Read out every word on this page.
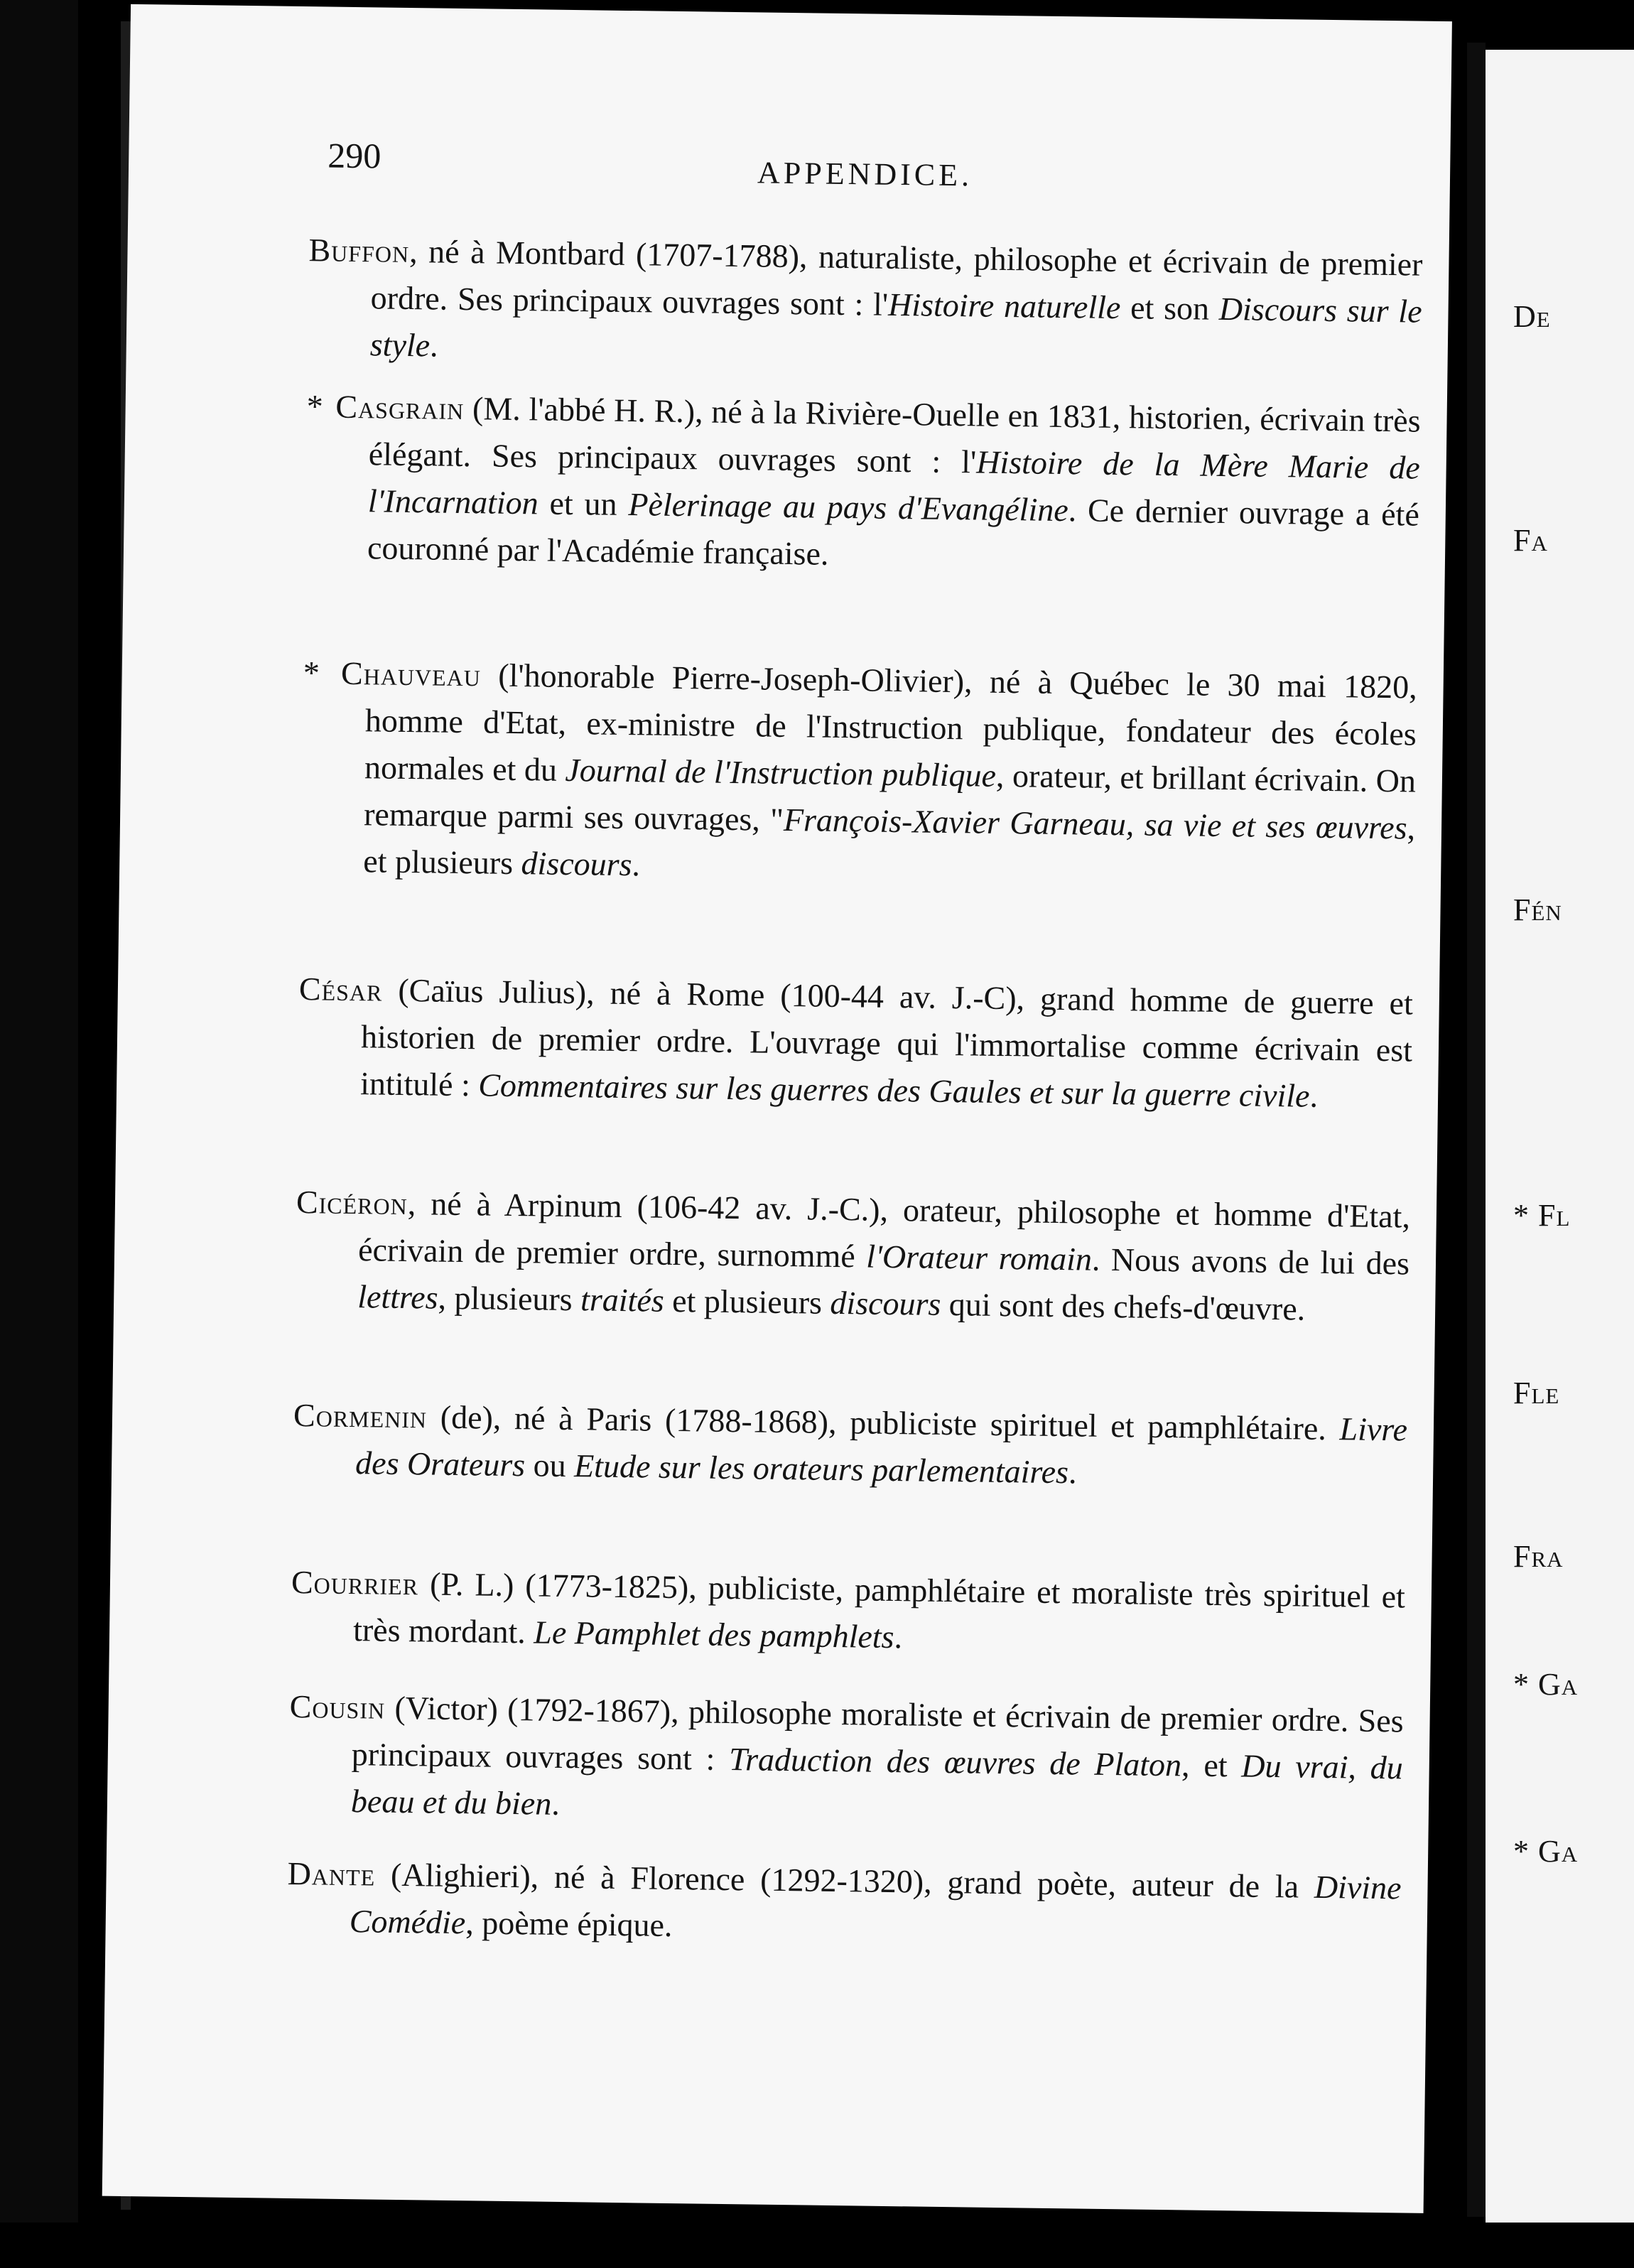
290	APPENDICE.
Buffon, né à Montbard (1707-1788), naturaliste, philosophe et écrivain de premier ordre. Ses principaux ouvrages sont : l'Histoire naturelle et son Discours sur le style.
* Casgrain (M. l'abbé H. R.), né à la Rivière-Ouelle en 1831, historien, écrivain très élégant. Ses principaux ouvrages sont : l'Histoire de la Mère Marie de l'Incarnation et un Pèlerinage au pays d'Evangéline. Ce dernier ouvrage a été couronné par l'Académie française.
* Chauveau (l'honorable Pierre-Joseph-Olivier), né à Québec le 30 mai 1820, homme d'Etat, ex-ministre de l'Instruction publique, fondateur des écoles normales et du Journal de l'Instruction publique, orateur, et brillant écrivain. On remarque parmi ses ouvrages, "François-Xavier Garneau, sa vie et ses œuvres, et plusieurs discours.
César (Caïus Julius), né à Rome (100-44 av. J.-C), grand homme de guerre et historien de premier ordre. L'ouvrage qui l'immortalise comme écrivain est intitulé : Commentaires sur les guerres des Gaules et sur la guerre civile.
Cicéron, né à Arpinum (106-42 av. J.-C.), orateur, philosophe et homme d'Etat, écrivain de premier ordre, surnommé l'Orateur romain. Nous avons de lui des lettres, plusieurs traités et plusieurs discours qui sont des chefs-d'œuvre.
Cormenin (de), né à Paris (1788-1868), publiciste spirituel et pamphlétaire. Livre des Orateurs ou Etude sur les orateurs parlementaires.
Courrier (P. L.) (1773-1825), publiciste, pamphlétaire et moraliste très spirituel et très mordant. Le Pamphlet des pamphlets.
Cousin (Victor) (1792-1867), philosophe moraliste et écrivain de premier ordre. Ses principaux ouvrages sont : Traduction des œuvres de Platon, et Du vrai, du beau et du bien.
Dante (Alighieri), né à Florence (1292-1320), grand poète, auteur de la Divine Comédie, poème épique.
De
Fa
Fén
* Fl
Fle
Fra
* Ga
* Ga
